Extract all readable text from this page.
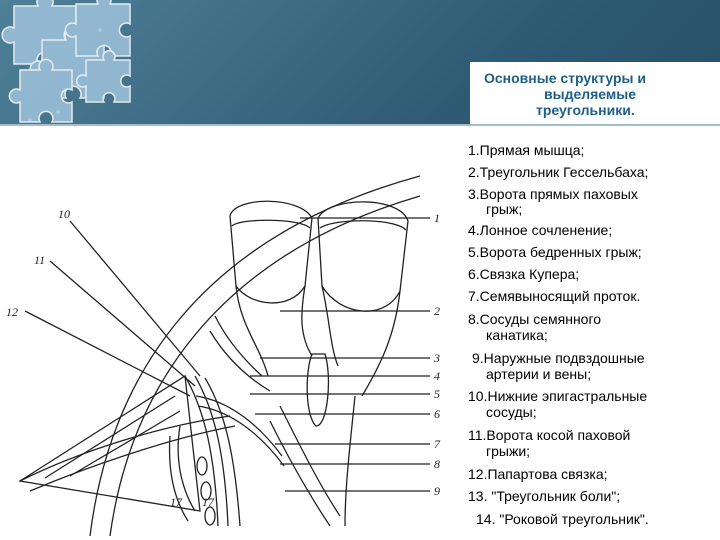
Основные структуры и
выделяемые
треугольники.
1
2
3
4
5
6
7
8
9
10
11
12
17 17
1.Прямая мышца;
2.Треугольник Гессельбаха;
3.Ворота прямых паховых
грыж;
4.Лонное сочленение;
5.Ворота бедренных грыж;
6.Связка Купера;
7.Семявыносящий проток.
8.Сосуды семянного
канатика;
9.Наружные подвздошные
артерии и вены;
10.Нижние эпигастральные
сосуды;
11.Ворота косой паховой
грыжи;
12.Папартова связка;
13. "Треугольник боли";
14. "Роковой треугольник".
